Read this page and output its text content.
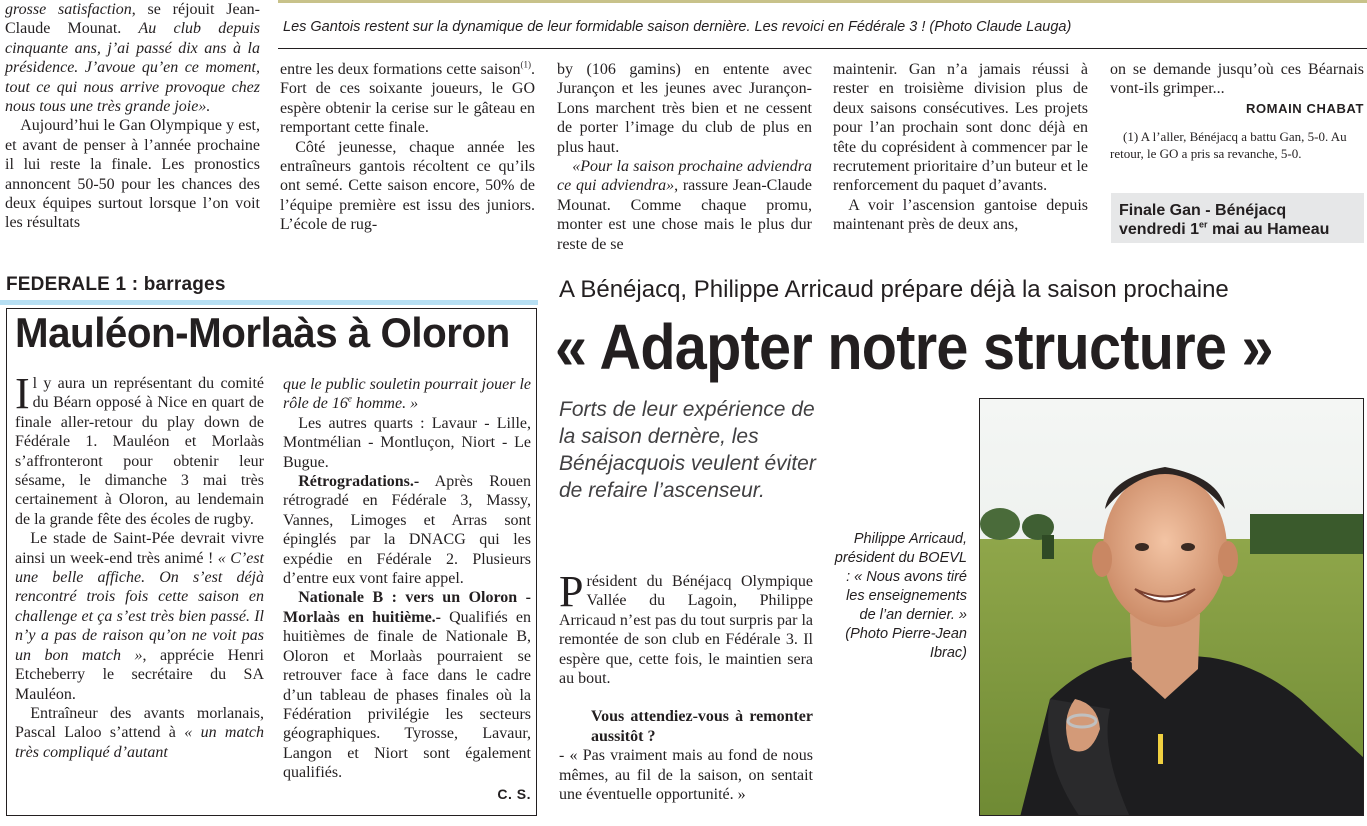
Les Gantois restent sur la dynamique de leur formidable saison dernière. Les revoici en Fédérale 3 ! (Photo Claude Lauga)

grosse satisfaction, se réjouit Jean-Claude Mounat. Au club depuis cinquante ans, j’ai passé dix ans à la présidence. J’avoue qu’en ce moment, tout ce qui nous arrive provoque chez nous tous une très grande joie».

Aujourd’hui le Gan Olympique y est, et avant de penser à l’année prochaine il lui reste la finale. Les pronostics annoncent 50-50 pour les chances des deux équipes surtout lorsque l’on voit les résultats

entre les deux formations cette saison$^{(1)}$. Fort de ces soixante joueurs, le GO espère obtenir la cerise sur le gâteau en remportant cette finale.

Côté jeunesse, chaque année les entraîneurs gantois récoltent ce qu’ils ont semé. Cette saison encore, 50% de l’équipe première est issu des juniors. L’école de rug-

by (106 gamins) en entente avec Jurançon et les jeunes avec Jurançon-Lons marchent très bien et ne cessent de porter l’image du club de plus en plus haut.

«Pour la saison prochaine adviendra ce qui adviendra», rassure Jean-Claude Mounat. Comme chaque promu, monter est une chose mais le plus dur reste de se

maintenir. Gan n’a jamais réussi à rester en troisième division plus de deux saisons consécutives. Les projets pour l’an prochain sont donc déjà en tête du coprésident à commencer par le recrutement prioritaire d’un buteur et le renforcement du paquet d’avants.

A voir l’ascension gantoise depuis maintenant près de deux ans,

on se demande jusqu’où ces Béarnais vont-ils grimper...

ROMAIN CHABAT

(1) A l’aller, Bénéjacq a battu Gan, 5-0. Au retour, le GO a pris sa revanche, 5-0.
Finale Gan - Bénéjacq
vendredi 1er mai au Hameau
FEDERALE 1 : barrages
Mauléon-Morlaàs à Oloron

Il y aura un représentant du comité du Béarn opposé à Nice en quart de finale aller-retour du play down de Fédérale 1. Mauléon et Morlaàs s’affronteront pour obtenir leur sésame, le dimanche 3 mai très certainement à Oloron, au lendemain de la grande fête des écoles de rugby.

Le stade de Saint-Pée devrait vivre ainsi un week-end très animé ! « C’est une belle affiche. On s’est déjà rencontré trois fois cette saison en challenge et ça s’est très bien passé. Il n’y a pas de raison qu’on ne voit pas un bon match », apprécie Henri Etcheberry le secrétaire du SA Mauléon.

Entraîneur des avants morlanais, Pascal Laloo s’attend à « un match très compliqué d’autant

que le public souletin pourrait jouer le rôle de 16e homme. »

Les autres quarts : Lavaur - Lille, Montmélian - Montluçon, Niort - Le Bugue.

Rétrogradations.- Après Rouen rétrogradé en Fédérale 3, Massy, Vannes, Limoges et Arras sont épinglés par la DNACG qui les expédie en Fédérale 2. Plusieurs d’entre eux vont faire appel.

Nationale B : vers un Oloron - Morlaàs en huitième.- Qualifiés en huitièmes de finale de Nationale B, Oloron et Morlaàs pourraient se retrouver face à face dans le cadre d’un tableau de phases finales où la Fédération privilégie les secteurs géographiques. Tyrosse, Lavaur, Langon et Niort sont également qualifiés.

C. S.

A Bénéjacq, Philippe Arricaud prépare déjà la saison prochaine
« Adapter notre structure »
Forts de leur expérience de la saison dernère, les Bénéjacquois veulent éviter de refaire l’ascenseur.
Philippe Arricaud, président du BOEVL : « Nous avons tiré les enseignements de l’an dernier. » (Photo Pierre-Jean Ibrac)

Président du Bénéjacq Olympique Vallée du Lagoin, Philippe Arricaud n’est pas du tout surpris par la remontée de son club en Fédérale 3. Il espère que, cette fois, le maintien sera au bout.

Vous attendiez-vous à remonter aussitôt ?

- « Pas vraiment mais au fond de nous mêmes, au fil de la saison, on sentait une éventuelle opportunité. »
